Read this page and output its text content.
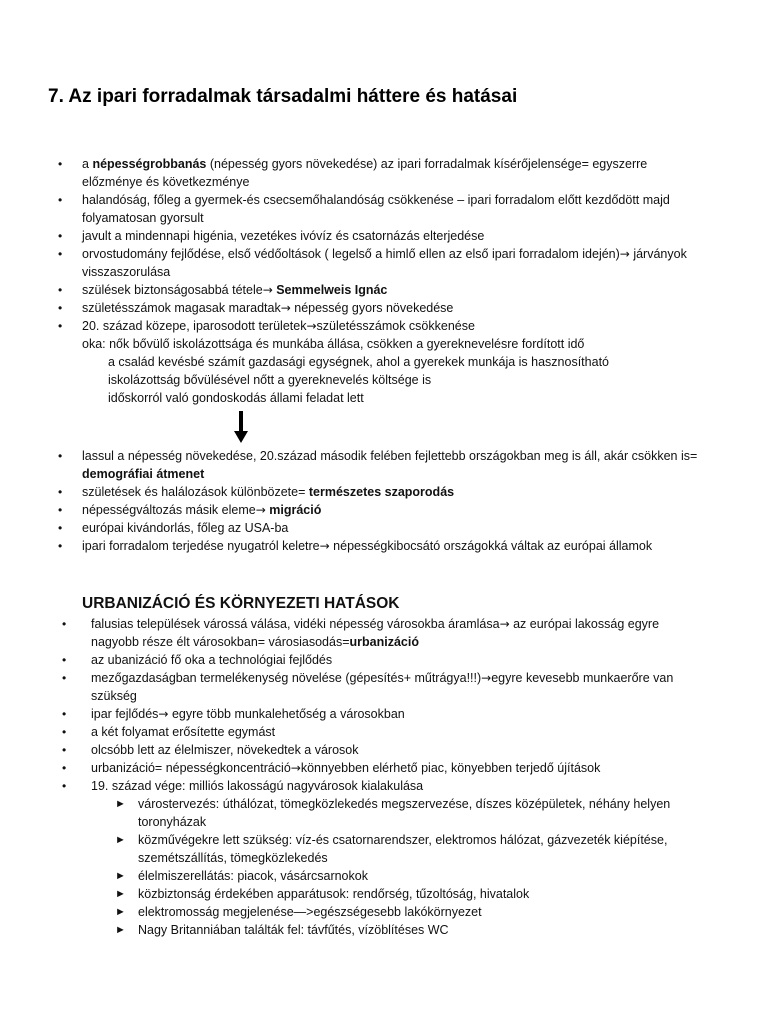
7. Az ipari forradalmak társadalmi háttere és hatásai
• a népességrobbanás (népesség gyors növekedése) az ipari forradalmak kísérőjelensége= egyszerre előzménye és következménye
• halandóság, főleg a gyermek-és csecsemőhalandóság csökkenése – ipari forradalom előtt kezdődött majd folyamatosan gyorsult
• javult a mindennapi higénia, vezetékes ivóvíz és csatornázás elterjedése
• orvostudomány fejlődése, első védőoltások ( legelső a himlő ellen az első ipari forradalom idején)→ járványok visszaszorulása
• szülések biztonságosabbá tétele→ Semmelweis Ignác
• születésszámok magasak maradtak→ népesség gyors növekedése
• 20. század közepe, iparosodott területek→születésszámok csökkenése
oka: nők bővülő iskolázottsága és munkába állása, csökken a gyereknevelésre fordított idő
a család kevésbé számít gazdasági egységnek, ahol a gyerekek munkája is hasznosítható
iskolázottság bővülésével nőtt a gyereknevelés költsége is
időskorról való gondoskodás állami feladat lett
• lassul a népesség növekedése, 20.század második felében fejlettebb országokban meg is áll, akár csökken is= demográfiai átmenet
• születések és halálozások különbözete= természetes szaporodás
• népességváltozás másik eleme→ migráció
• európai kivándorlás, főleg az USA-ba
• ipari forradalom terjedése nyugatról keletre→ népességkibocsátó országokká váltak az európai államok
URBANIZÁCIÓ ÉS KÖRNYEZETI HATÁSOK
• falusias települések várossá válása, vidéki népesség városokba áramlása→ az európai lakosság egyre nagyobb része élt városokban= városiasodás=urbanizáció
• az ubanizáció fő oka a technológiai fejlődés
• mezőgazdaságban termelékenység növelése (gépesítés+ műtrágya!!!)→egyre kevesebb munkaerőre van szükség
• ipar fejlődés→ egyre több munkalehetőség a városokban
• a két folyamat erősítette egymást
• olcsóbb lett az élelmiszer, növekedtek a városok
• urbanizáció= népességkoncentráció→könnyebben elérhető piac, könyebben terjedő újítások
• 19. század vége: milliós lakosságú nagyvárosok kialakulása
► várostervezés: úthálózat, tömegközlekedés megszervezése, díszes középületek, néhány helyen toronyházak
► közművégekre lett szükség: víz-és csatornarendszer, elektromos hálózat, gázvezeték kiépítése, szemétszállítás, tömegközlekedés
► élelmiszerellátás: piacok, vásárcsarnokok
► közbiztonság érdekében apparátusok: rendőrség, tűzoltóság, hivatalok
► elektromosság megjelenése—>egészségesebb lakókörnyezet
► Nagy Britanniában találták fel: távfűtés, vízöblítéses WC
